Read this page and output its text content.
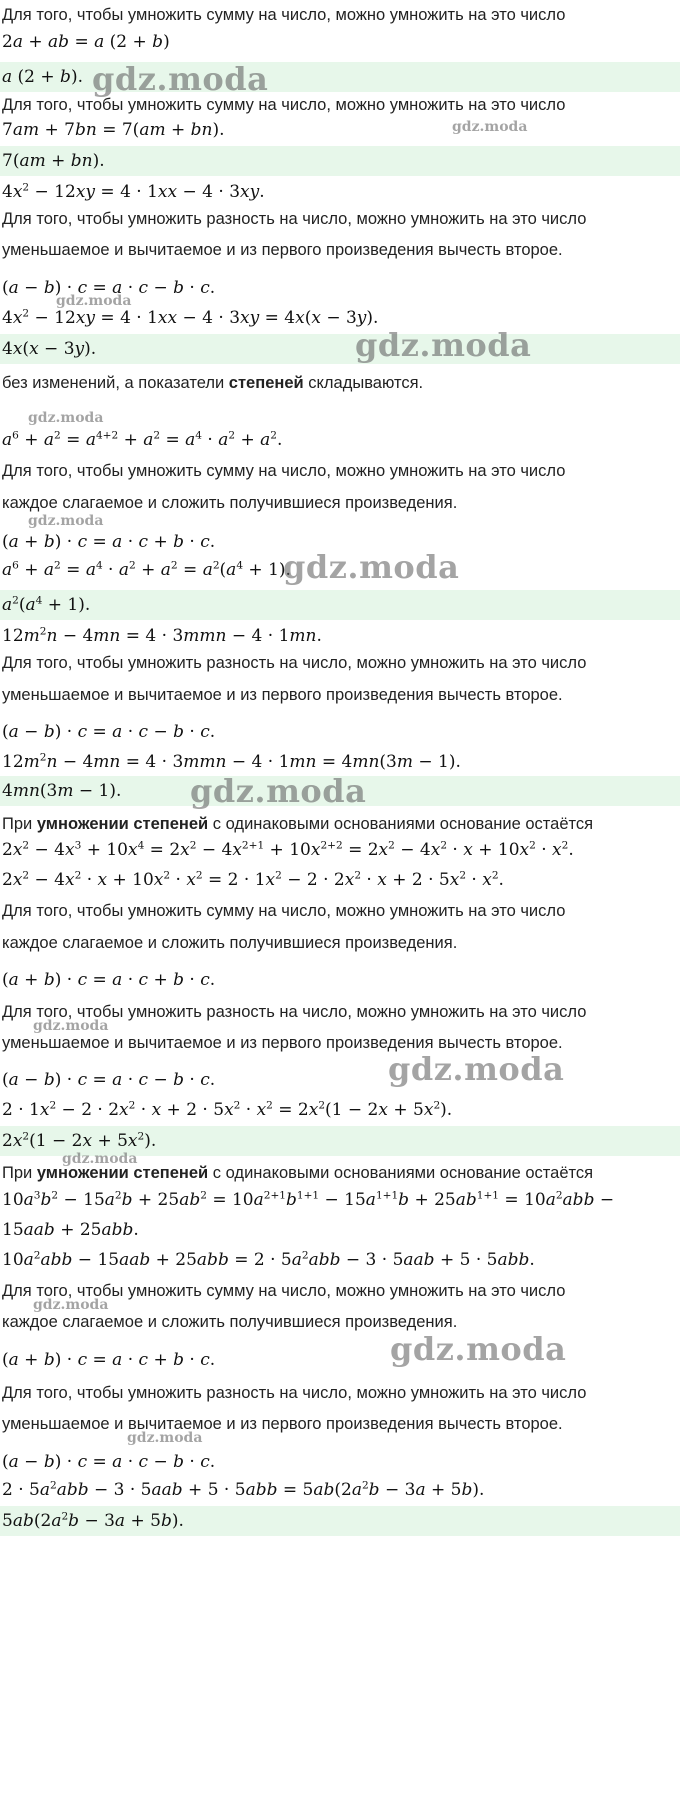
Для того, чтобы умножить сумму на число, можно умножить на это число
2a + ab = a (2 + b)
a (2 + b). gdz.moda
Для того, чтобы умножить сумму на число, можно умножить на это число
7am + 7bn = 7(am + bn).	gdz.moda
7(am + bn).
$4x^2 - 12xy = 4 \cdot 1xx - 4 \cdot 3xy$.
Для того, чтобы умножить разность на число, можно умножить на это число
уменьшаемое и вычитаемое и из первого произведения вычесть второе.
(a − b) · c = a · c − b · c.
gdz.moda
$4x^2 - 12xy = 4 \cdot 1xx - 4 \cdot 3xy = 4x(x - 3y)$.
4x(x − 3y).	gdz.moda
без изменений, а показатели степеней складываются.
gdz.moda
$a^6 + a^2 = a^{4+2} + a^2 = a^4 \cdot a^2 + a^2$.
Для того, чтобы умножить сумму на число, можно умножить на это число
каждое слагаемое и сложить получившиеся произведения.
gdz.moda
(a + b) · c = a · c + b · c.
$a^6 + a^2 = a^4 \cdot a^2 + a^2 = a^2(a^4 + 1)$.
gdz.moda
$a^2(a^4 + 1)$.
$12m^2n - 4mn = 4 \cdot 3mmn - 4 \cdot 1mn$.
Для того, чтобы умножить разность на число, можно умножить на это число
уменьшаемое и вычитаемое и из первого произведения вычесть второе.
(a − b) · c = a · c − b · c.
$12m^2n - 4mn = 4 \cdot 3mmn - 4 \cdot 1mn = 4mn(3m - 1)$.
4mn(3m − 1).	gdz.moda
При умножении степеней с одинаковыми основаниями основание остаётся
$2x^2 - 4x^3 + 10x^4 = 2x^2 - 4x^{2+1} + 10x^{2+2} = 2x^2 - 4x^2 \cdot x + 10x^2 \cdot x^2$.
$2x^2 - 4x^2 \cdot x + 10x^2 \cdot x^2 = 2 \cdot 1x^2 - 2 \cdot 2x^2 \cdot x + 2 \cdot 5x^2 \cdot x^2$.
Для того, чтобы умножить сумму на число, можно умножить на это число
каждое слагаемое и сложить получившиеся произведения.
(a + b) · c = a · c + b · c.
Для того, чтобы умножить разность на число, можно умножить на это число
gdz.moda
уменьшаемое и вычитаемое и из первого произведения вычесть второе.
gdz.moda
(a − b) · c = a · c − b · c.
$2 \cdot 1x^2 - 2 \cdot 2x^2 \cdot x + 2 \cdot 5x^2 \cdot x^2 = 2x^2(1 - 2x + 5x^2)$.
$2x^2(1 - 2x + 5x^2)$.
gdz.moda
При умножении степеней с одинаковыми основаниями основание остаётся
$10a^3b^2 - 15a^2b + 25ab^2 = 10a^{2+1}b^{1+1} - 15a^{1+1}b + 25ab^{1+1} = 10a^2abb$ −
15aab + 25abb.
$10a^2abb - 15aab + 25abb = 2 \cdot 5a^2abb - 3 \cdot 5aab + 5 \cdot 5abb$.
Для того, чтобы умножить сумму на число, можно умножить на это число
gdz.moda
каждое слагаемое и сложить получившиеся произведения.
gdz.moda
(a + b) · c = a · c + b · c.
Для того, чтобы умножить разность на число, можно умножить на это число
уменьшаемое и вычитаемое и из первого произведения вычесть второе.
gdz.moda
(a − b) · c = a · c − b · c.
$2 \cdot 5a^2abb - 3 \cdot 5aab + 5 \cdot 5abb = 5ab(2a^2b - 3a + 5b)$.
$5ab(2a^2b - 3a + 5b)$.
